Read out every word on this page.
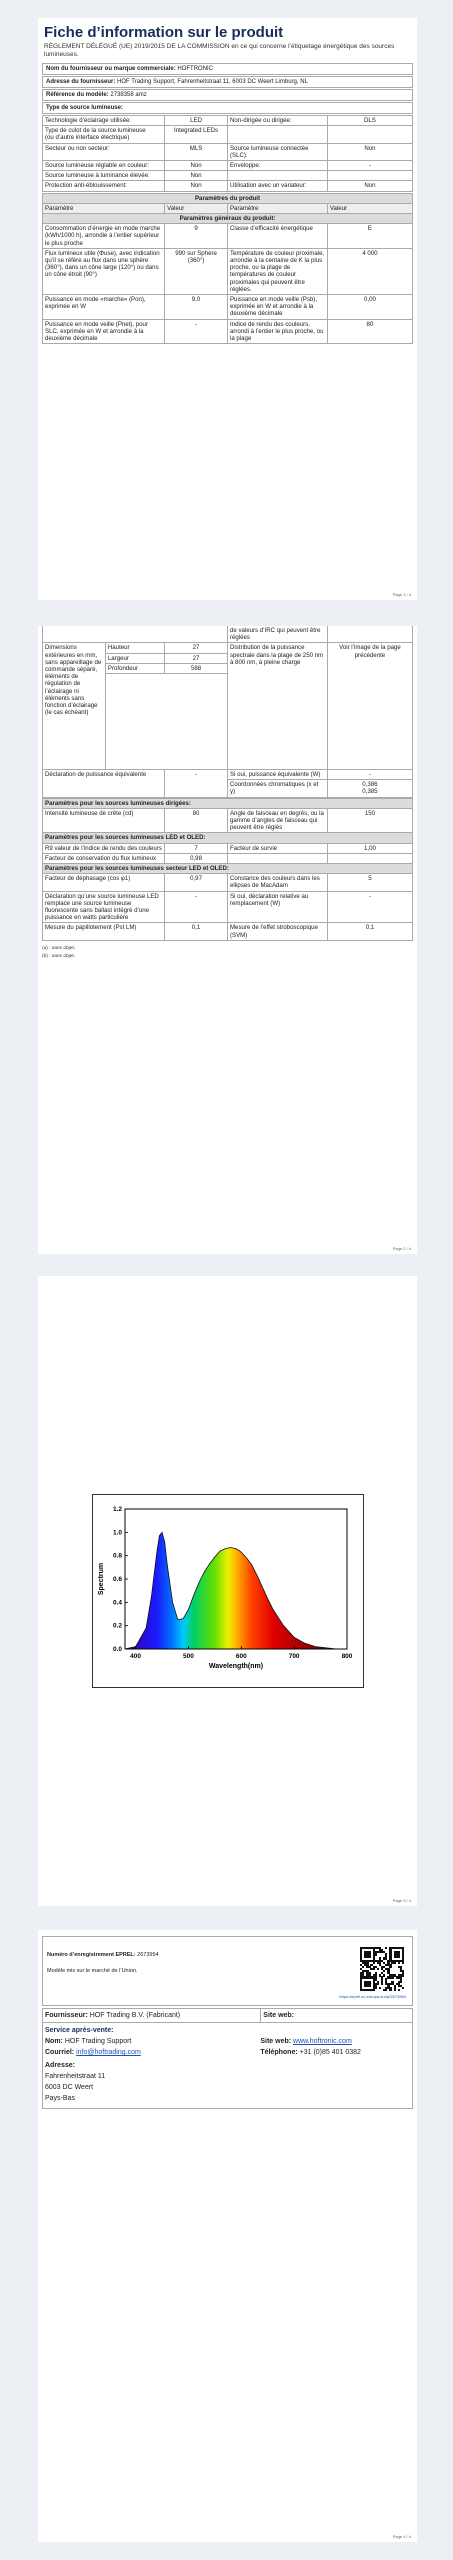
Fiche d’information sur le produit
RÈGLEMENT DÉLÉGUÉ (UE) 2019/2015 DE LA COMMISSION en ce qui concerne l’étiquetage énergétique des sources lumineuses.
Nom du fournisseur ou marque commerciale: HOFTRONIC
Adresse du fournisseur: HOF Trading Support, Fahrenheitstraat 11, 6003 DC Weert Limburg, NL
Référence du modèle: 2738358 amz
Type de source lumineuse:
Technologie d’éclairage utilisée:	LED	Non-dirigée ou dirigée:	DLS
Type de culot de la source lumineuse
(ou d’autre interface électrique)	Integrated LEDs		
Secteur ou non secteur:	MLS	Source lumineuse connectée (SLC):	Non
Source lumineuse réglable en couleur:	Non	Enveloppe:	-
Source lumineuse à luminance élevée:	Non		
Protection anti-éblouissement:	Non	Utilisation avec un variateur:	Non
Paramètres du produit			
Paramètre	Valeur	Paramètre	Valeur
Paramètres généraux du produit:			
Consommation d’énergie en mode marche (kWh/1000 h), arrondie à l’entier supérieur le plus proche	9	Classe d’efficacité énergétique	E
Flux lumineux utile (Φuse), avec indication qu’il se réfère au flux dans une sphère (360°), dans un cône large (120°) ou dans un cône étroit (90°)	990 sur Sphère (360°)	Température de couleur proximale, arrondie à la centaine de K la plus proche, ou la plage de températures de couleur proximales qui peuvent être réglées.	4 000
Puissance en mode «marche» (Pon), exprimée en W	9,0	Puissance en mode veille (Psb), exprimée en W et arrondie à la deuxième décimale	0,00
Puissance en mode veille (Pnet), pour SLC, exprimée en W et arrondie à la deuxième décimale	-	Indice de rendu des couleurs, arrondi à l’entier le plus proche, ou la plage	80
Page 1 / 4
			de valeurs d’IRC qui peuvent être réglées	
Dimensions extérieures en mm, sans appareillage de commande séparé, éléments de régulation de l’éclairage ni éléments sans fonction d’éclairage (le cas échéant)	Hauteur	27	Distribution de la puissance spectrale dans la plage de 250 nm à 800 nm, à pleine charge	Voir l’image de la page précédente
	Largeur	27		
	Profondeur	588		

Déclaration de puissance équivalente		-	Si oui, puissance équivalente (W)	-
			Coordonnées chromatiques (x et y)	0,386
0,385
Paramètres pour les sources lumineuses dirigées:			
Intensité lumineuse de crête (cd)	80	Angle de faisceau en degrés, ou la gamme d’angles de faisceau qui peuvent être réglés	150
Paramètres pour les sources lumineuses LED et OLED:			
R9 valeur de l’indice de rendu des couleurs	7	Facteur de survie	1,00
Facteur de conservation du flux lumineux	0,98		
Paramètres pour les sources lumineuses secteur LED et OLED:			
Facteur de déphasage (cos φ1)	0,97	Constance des couleurs dans les ellipses de MacAdam	5
Déclaration qu’une source lumineuse LED remplace une source lumineuse fluorescente sans ballast intégré d’une puissance en watts particulière	-	Si oui, déclaration relative au remplacement (W)	-
Mesure du papillotement (Pst LM)	0,1	Mesure de l’effet stroboscopique (SVM)	0,1
(a) : sans objet;
(b) : sans objet.
Page 2 / 4
400	500	600	700	800
0.0
0.2
0.4
0.6
0.8
1.0
1.2
Wavelength(nm)
Spectrum
Page 3 / 4
Numéro d’enregistrement EPREL: 2673954
Modèle mis sur le marché de l’Union.
https://eprel.ec.europa.eu/qr/2673954
Fournisseur: HOF Trading B.V. (Fabricant)	Site web:

Service après-vente:
Nom: HOF Trading Support
Courriel: info@hoftrading.com
Adresse:
Fahrenheitstraat 11
6003 DC Weert
Pays-Bas
Site web: www.hoftronic.com
Téléphone: +31 (0)85 401 0382
Page 4 / 4
